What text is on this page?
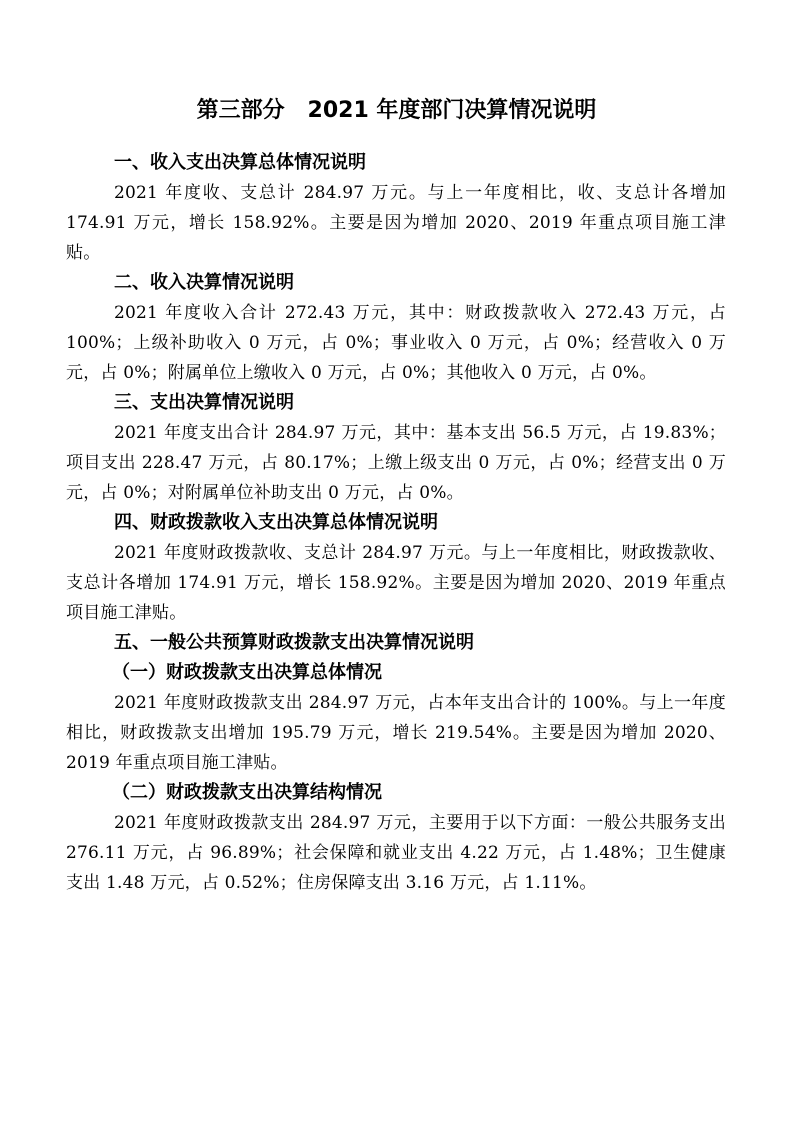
第三部分   2021 年度部门决算情况说明
一、收入支出决算总体情况说明

2021 年度收、支总计 284.97 万元。与上一年度相比，收、支总计各增加 174.91 万元，增长 158.92%。主要是因为增加 2020、2019 年重点项目施工津贴。

二、收入决算情况说明

2021 年度收入合计 272.43 万元，其中：财政拨款收入 272.43 万元，占 100%；上级补助收入 0 万元，占 0%；事业收入 0 万元，占 0%；经营收入 0 万元，占 0%；附属单位上缴收入 0 万元，占 0%；其他收入 0 万元，占 0%。

三、支出决算情况说明

2021 年度支出合计 284.97 万元，其中：基本支出 56.5 万元，占 19.83%；项目支出 228.47 万元，占 80.17%；上缴上级支出 0 万元，占 0%；经营支出 0 万元，占 0%；对附属单位补助支出 0 万元，占 0%。

四、财政拨款收入支出决算总体情况说明

2021 年度财政拨款收、支总计 284.97 万元。与上一年度相比，财政拨款收、支总计各增加 174.91 万元，增长 158.92%。主要是因为增加 2020、2019 年重点项目施工津贴。

五、一般公共预算财政拨款支出决算情况说明
（一）财政拨款支出决算总体情况

2021 年度财政拨款支出 284.97 万元，占本年支出合计的 100%。与上一年度相比，财政拨款支出增加 195.79 万元，增长 219.54%。主要是因为增加 2020、2019 年重点项目施工津贴。

（二）财政拨款支出决算结构情况

2021 年度财政拨款支出 284.97 万元，主要用于以下方面：一般公共服务支出 276.11 万元，占 96.89%；社会保障和就业支出 4.22 万元，占 1.48%；卫生健康支出 1.48 万元，占 0.52%；住房保障支出 3.16 万元，占 1.11%。
